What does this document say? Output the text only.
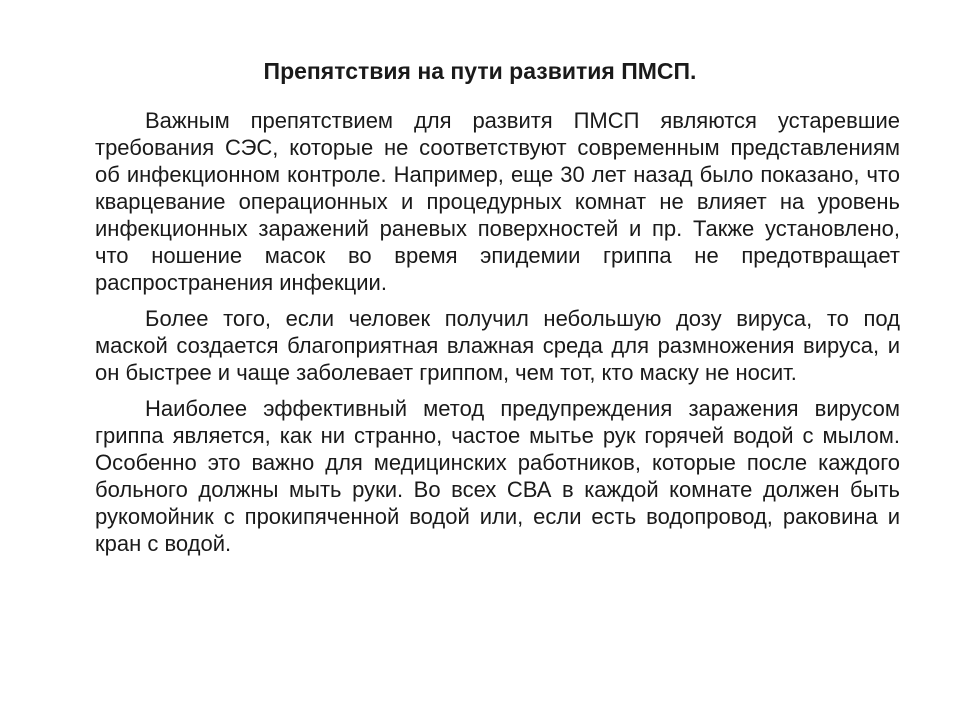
Препятствия на пути развития ПМСП.

Важным препятствием для развитя ПМСП являются устаревшие требования СЭС, которые не соответствуют современным представлениям об инфекционном контроле. Например, еще 30 лет назад было показано, что кварцевание операционных и процедурных комнат не влияет на уровень инфекционных заражений раневых поверхностей и пр. Также установлено, что ношение масок во время эпидемии гриппа не предотвращает распространения инфекции.

Более того, если человек получил небольшую дозу вируса, то под маской создается благоприятная влажная среда для размножения вируса, и он быстрее и чаще заболевает гриппом, чем тот, кто маску не носит.

Наиболее эффективный метод предупреждения заражения вирусом гриппа является, как ни странно, частое мытье рук горячей водой с мылом. Особенно это важно для медицинских работников, которые после каждого больного должны мыть руки. Во всех СВА в каждой комнате должен быть рукомойник с прокипяченной водой или, если есть водопровод, раковина и кран с водой.
